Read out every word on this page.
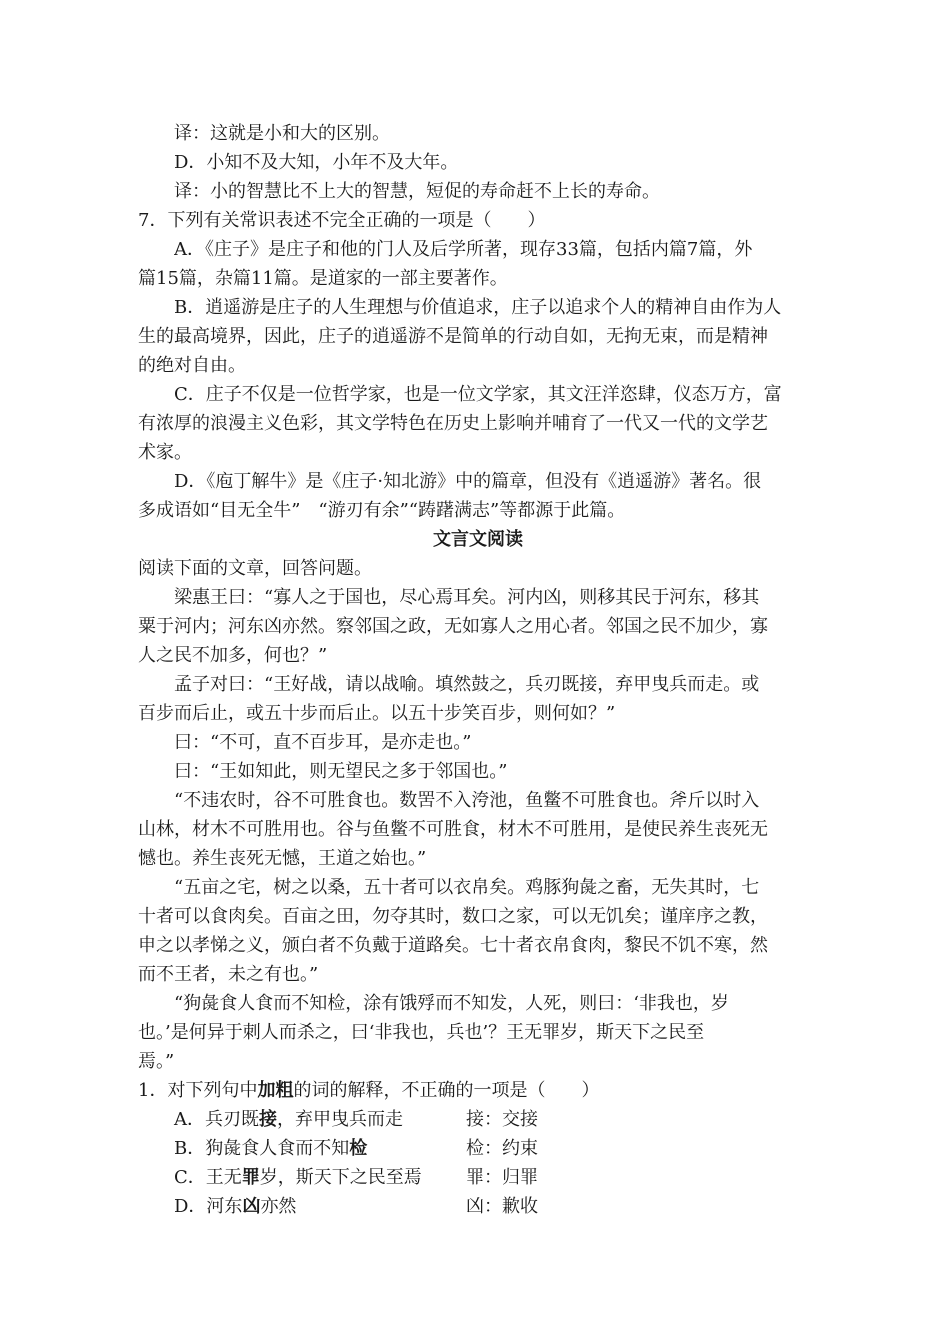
译：这就是小和大的区别。
D．小知不及大知，小年不及大年。
译：小的智慧比不上大的智慧，短促的寿命赶不上长的寿命。
7．下列有关常识表述不完全正确的一项是（　　）
A．《庄子》是庄子和他的门人及后学所著，现存33篇，包括内篇7篇，外
篇15篇，杂篇11篇。是道家的一部主要著作。
B．逍遥游是庄子的人生理想与价值追求，庄子以追求个人的精神自由作为人
生的最高境界，因此，庄子的逍遥游不是简单的行动自如，无拘无束，而是精神
的绝对自由。
C．庄子不仅是一位哲学家，也是一位文学家，其文汪洋恣肆，仪态万方，富
有浓厚的浪漫主义色彩，其文学特色在历史上影响并哺育了一代又一代的文学艺
术家。
D．《庖丁解牛》是《庄子·知北游》中的篇章，但没有《逍遥游》著名。很
多成语如“目无全牛”　“游刃有余”“踌躇满志”等都源于此篇。
文言文阅读
阅读下面的文章，回答问题。
梁惠王曰：“寡人之于国也，尽心焉耳矣。河内凶，则移其民于河东，移其
粟于河内；河东凶亦然。察邻国之政，无如寡人之用心者。邻国之民不加少，寡
人之民不加多，何也？”
孟子对曰：“王好战，请以战喻。填然鼓之，兵刃既接，弃甲曳兵而走。或
百步而后止，或五十步而后止。以五十步笑百步，则何如？”
曰：“不可，直不百步耳，是亦走也。”
曰：“王如知此，则无望民之多于邻国也。”
“不违农时，谷不可胜食也。数罟不入洿池，鱼鳖不可胜食也。斧斤以时入
山林，材木不可胜用也。谷与鱼鳖不可胜食，材木不可胜用，是使民养生丧死无
憾也。养生丧死无憾，王道之始也。”
“五亩之宅，树之以桑，五十者可以衣帛矣。鸡豚狗彘之畜，无失其时，七
十者可以食肉矣。百亩之田，勿夺其时，数口之家，可以无饥矣；谨庠序之教，
申之以孝悌之义，颁白者不负戴于道路矣。七十者衣帛食肉，黎民不饥不寒，然
而不王者，未之有也。”
“狗彘食人食而不知检，涂有饿殍而不知发，人死，则曰：‘非我也，岁
也。’是何异于刺人而杀之，曰‘非我也，兵也’？王无罪岁，斯天下之民至
焉。”
1．对下列句中加粗的词的解释，不正确的一项是（　　）
A．兵刃既接，弃甲曳兵而走	接：交接
B．狗彘食人食而不知检	检：约束
C．王无罪岁，斯天下之民至焉 罪：归罪
D．河东凶亦然	凶：歉收
